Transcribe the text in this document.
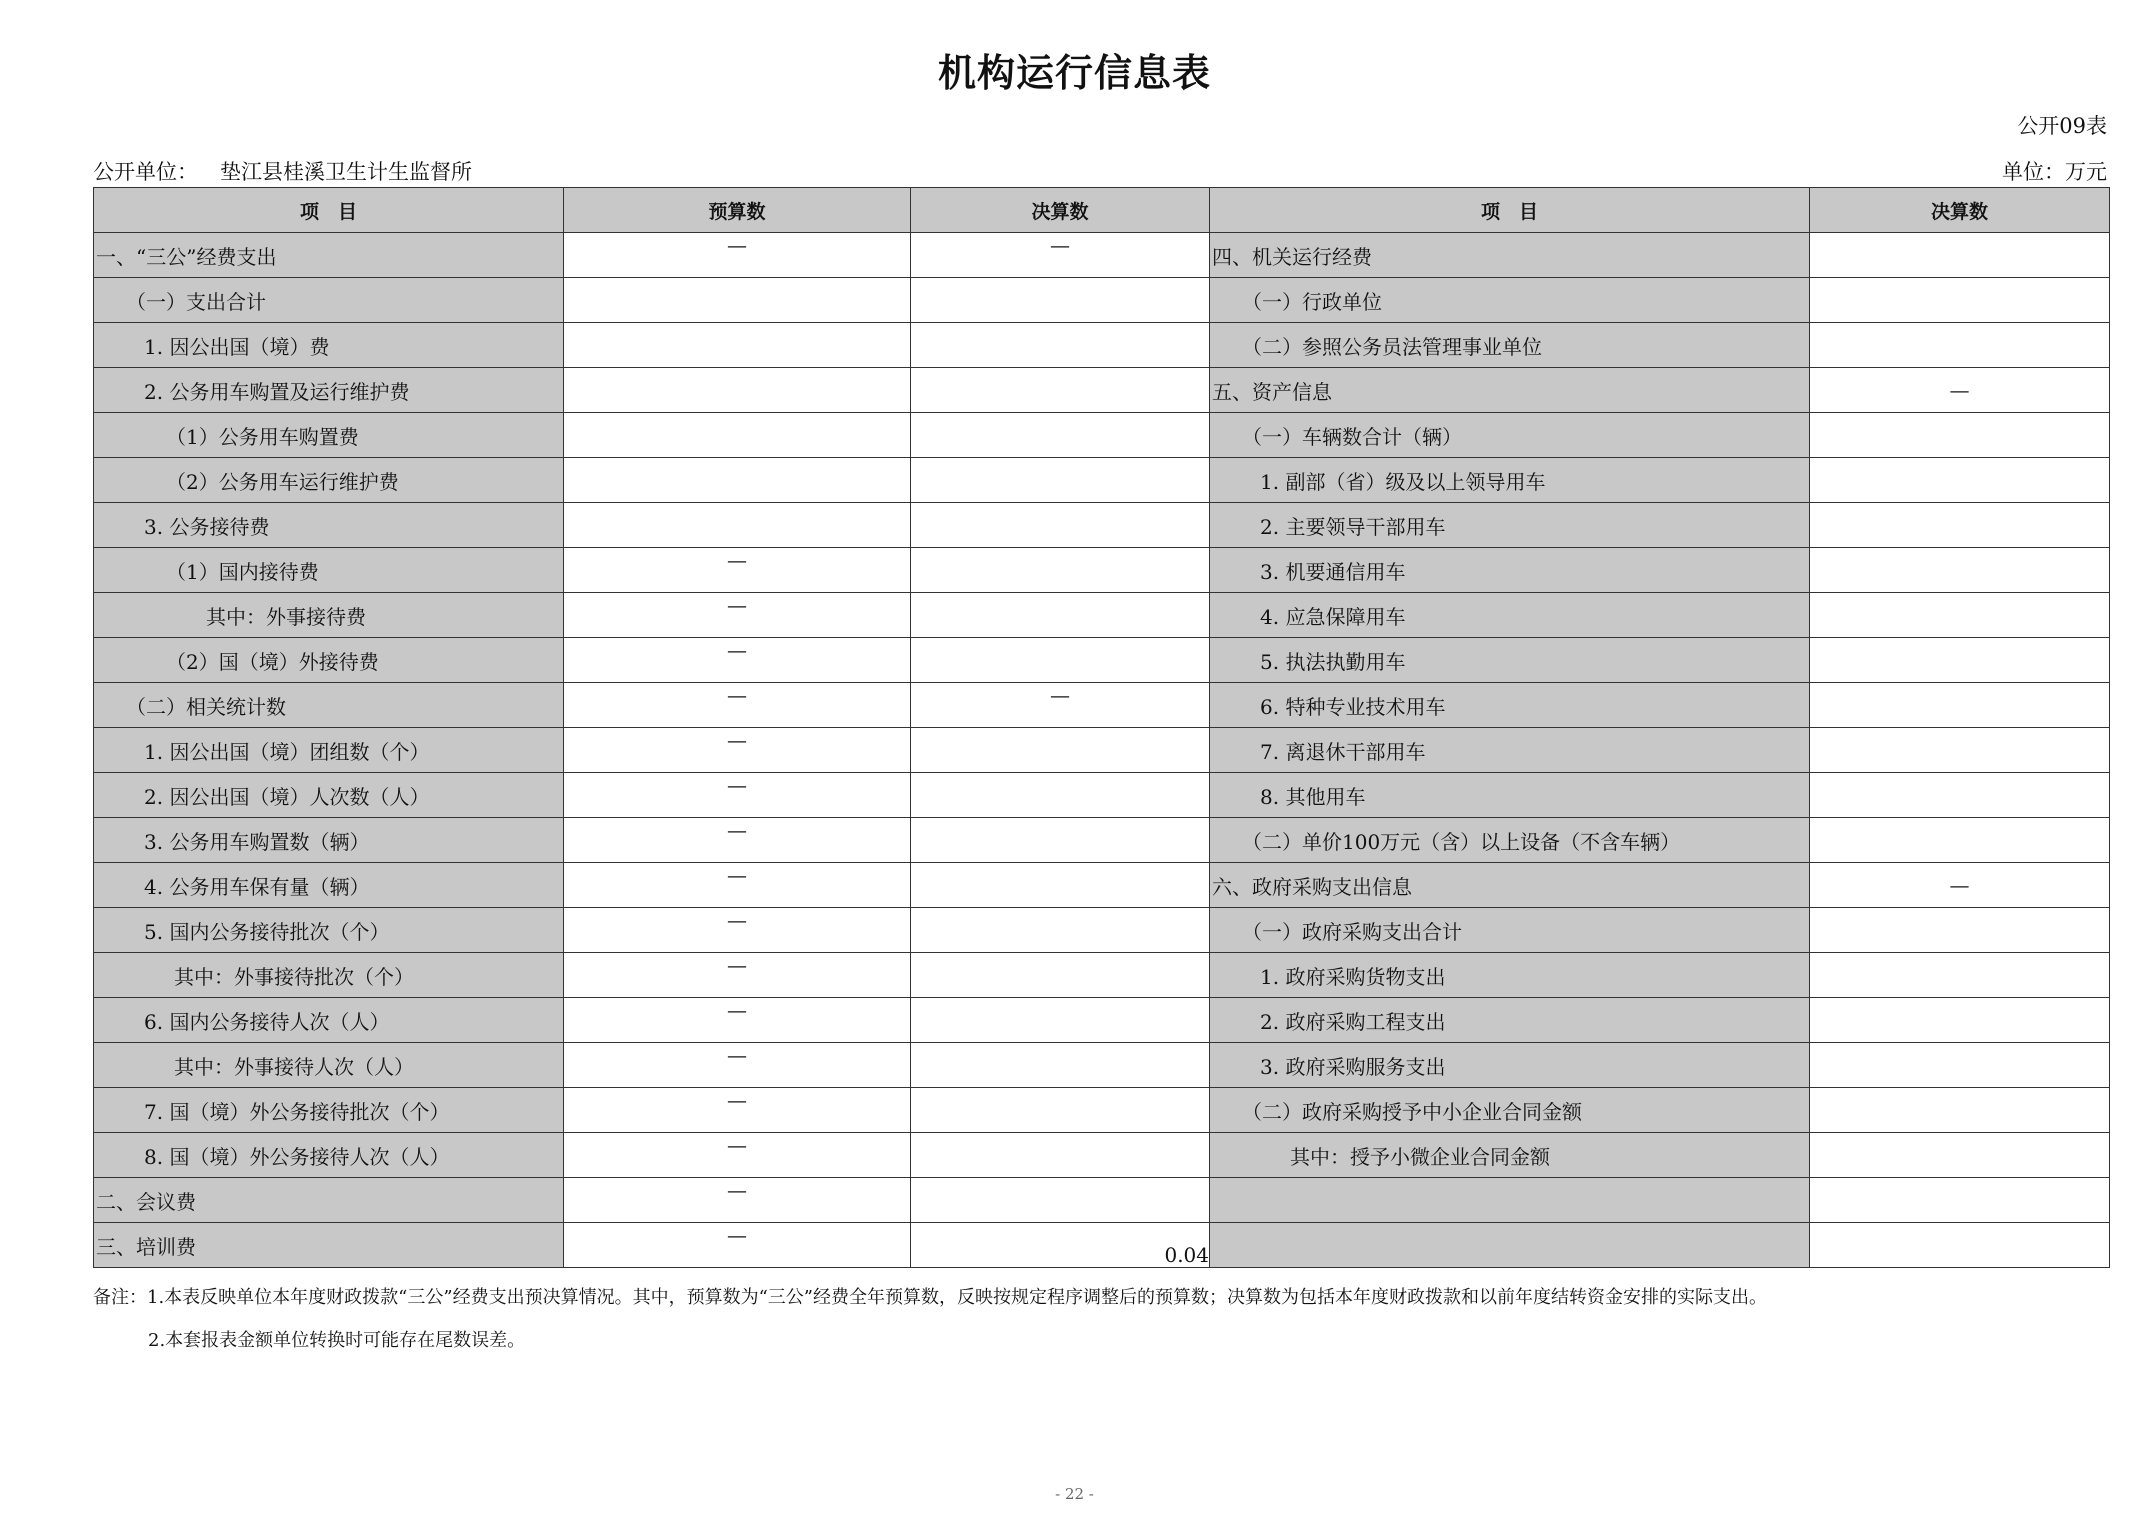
机构运行信息表
公开09表
公开单位： 垫江县桂溪卫生计生监督所	单位：万元
项　目	预算数	决算数	项　目	决算数
一、“三公”经费支出	—	—	四、机关运行经费	
（一）支出合计			（一）行政单位	
1. 因公出国（境）费			（二）参照公务员法管理事业单位	
2. 公务用车购置及运行维护费			五、资产信息	—
（1）公务用车购置费			（一）车辆数合计（辆）	
（2）公务用车运行维护费			1. 副部（省）级及以上领导用车	
3. 公务接待费			2. 主要领导干部用车	
（1）国内接待费	—		3. 机要通信用车	
其中：外事接待费	—		4. 应急保障用车	
（2）国（境）外接待费	—		5. 执法执勤用车	
（二）相关统计数	—	—	6. 特种专业技术用车	
1. 因公出国（境）团组数（个）	—		7. 离退休干部用车	
2. 因公出国（境）人次数（人）	—		8. 其他用车	
3. 公务用车购置数（辆）	—		（二）单价100万元（含）以上设备（不含车辆）	
4. 公务用车保有量（辆）	—		六、政府采购支出信息	—
5. 国内公务接待批次（个）	—		（一）政府采购支出合计	
其中：外事接待批次（个）	—		1. 政府采购货物支出	
6. 国内公务接待人次（人）	—		2. 政府采购工程支出	
其中：外事接待人次（人）	—		3. 政府采购服务支出	
7. 国（境）外公务接待批次（个）	—		（二）政府采购授予中小企业合同金额	
8. 国（境）外公务接待人次（人）	—		其中：授予小微企业合同金额	
二、会议费	—			
三、培训费	—	0.04		
备注：1.本表反映单位本年度财政拨款“三公”经费支出预决算情况。其中，预算数为“三公”经费全年预算数，反映按规定程序调整后的预算数；决算数为包括本年度财政拨款和以前年度结转资金安排的实际支出。
2.本套报表金额单位转换时可能存在尾数误差。
- 22 -
